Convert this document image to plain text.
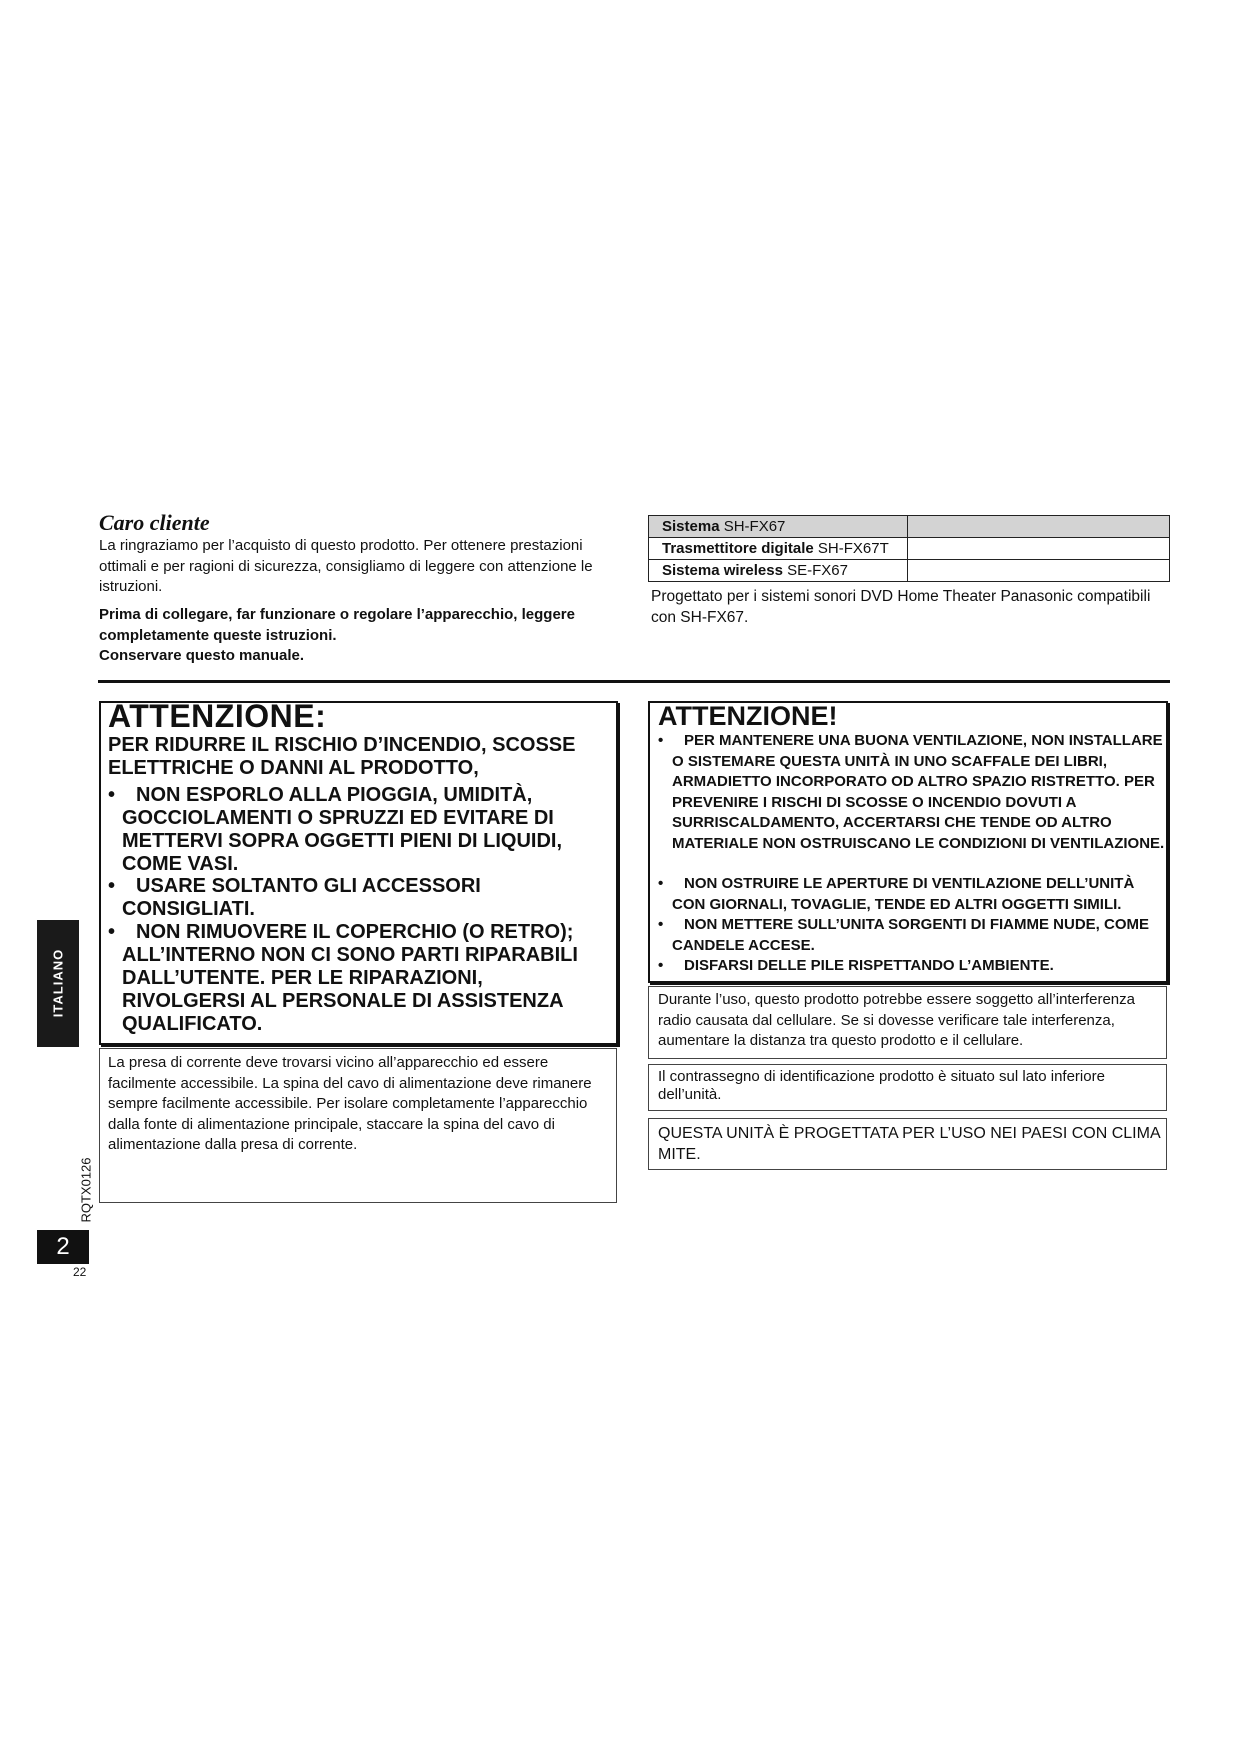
Caro cliente
La ringraziamo per l’acquisto di questo prodotto. Per ottenere prestazioni ottimali e per ragioni di sicurezza, consigliamo di leggere con attenzione le istruzioni.
Prima di collegare, far funzionare o regolare l’apparecchio, leggere completamente queste istruzioni.
Conservare questo manuale.
Sistema SH-FX67	
Trasmettitore digitale SH-FX67T	
Sistema wireless SE-FX67	
Progettato per i sistemi sonori DVD Home Theater Panasonic compatibili con SH-FX67.
ATTENZIONE:
PER RIDURRE IL RISCHIO D’INCENDIO, SCOSSE ELETTRICHE O DANNI AL PRODOTTO,
•	NON ESPORLO ALLA PIOGGIA, UMIDITÀ, GOCCIOLAMENTI O SPRUZZI ED EVITARE DI METTERVI SOPRA OGGETTI PIENI DI LIQUIDI, COME VASI.
•	USARE SOLTANTO GLI ACCESSORI CONSIGLIATI.
•	NON RIMUOVERE IL COPERCHIO (O RETRO); ALL’INTERNO NON CI SONO PARTI RIPARABILI DALL’UTENTE. PER LE RIPARAZIONI, RIVOLGERSI AL PERSONALE DI ASSISTENZA QUALIFICATO.
La presa di corrente deve trovarsi vicino all’apparecchio ed essere facilmente accessibile. La spina del cavo di alimentazione deve rimanere sempre facilmente accessibile. Per isolare completamente l’apparecchio dalla fonte di alimentazione principale, staccare la spina del cavo di alimentazione dalla presa di corrente.
ATTENZIONE!
•	PER MANTENERE UNA BUONA VENTILAZIONE, NON INSTALLARE O SISTEMARE QUESTA UNITÀ IN UNO SCAFFALE DEI LIBRI, ARMADIETTO INCORPORATO OD ALTRO SPAZIO RISTRETTO. PER PREVENIRE I RISCHI DI SCOSSE O INCENDIO DOVUTI A SURRISCALDAMENTO, ACCERTARSI CHE TENDE OD ALTRO MATERIALE NON OSTRUISCANO LE CONDIZIONI DI VENTILAZIONE.
•	NON OSTRUIRE LE APERTURE DI VENTILAZIONE DELL’UNITÀ CON GIORNALI, TOVAGLIE, TENDE ED ALTRI OGGETTI SIMILI.
•	NON METTERE SULL’UNITA SORGENTI DI FIAMME NUDE, COME CANDELE ACCESE.
•	DISFARSI DELLE PILE RISPETTANDO L’AMBIENTE.
Durante l’uso, questo prodotto potrebbe essere soggetto all’interferenza radio causata dal cellulare. Se si dovesse verificare tale interferenza, aumentare la distanza tra questo prodotto e il cellulare.
Il contrassegno di identificazione prodotto è situato sul lato inferiore dell’unità.
QUESTA UNITÀ È PROGETTATA PER L’USO NEI PAESI CON CLIMA MITE.
ITALIANO
RQTX0126
2
22
